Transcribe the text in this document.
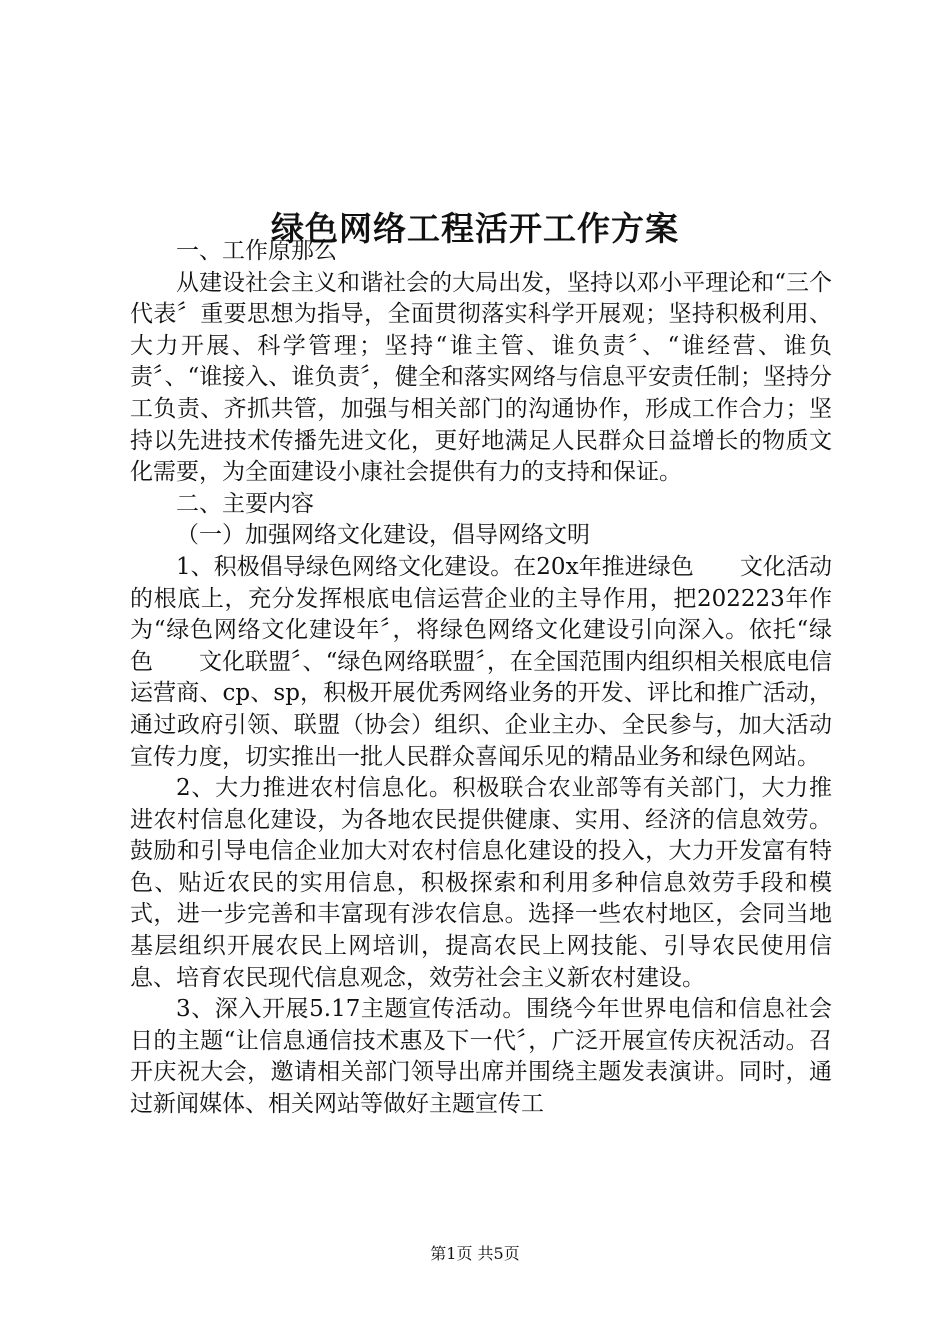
绿色网络工程活开工作方案

一、工作原那么

从建设社会主义和谐社会的大局出发，坚持以邓小平理论和“三个代表〞重要思想为指导，全面贯彻落实科学开展观；坚持积极利用、大力开展、科学管理；坚持“谁主管、谁负责〞、“谁经营、谁负责〞、“谁接入、谁负责〞，健全和落实网络与信息平安责任制；坚持分工负责、齐抓共管，加强与相关部门的沟通协作，形成工作合力；坚持以先进技术传播先进文化，更好地满足人民群众日益增长的物质文化需要，为全面建设小康社会提供有力的支持和保证。

二、主要内容

（一）加强网络文化建设，倡导网络文明

1、积极倡导绿色网络文化建设。在20x年推进绿色　　文化活动的根底上，充分发挥根底电信运营企业的主导作用，把202223年作为“绿色网络文化建设年〞，将绿色网络文化建设引向深入。依托“绿色　　文化联盟〞、“绿色网络联盟〞，在全国范围内组织相关根底电信运营商、cp、sp，积极开展优秀网络业务的开发、评比和推广活动，通过政府引领、联盟（协会）组织、企业主办、全民参与，加大活动宣传力度，切实推出一批人民群众喜闻乐见的精品业务和绿色网站。

2、大力推进农村信息化。积极联合农业部等有关部门，大力推进农村信息化建设，为各地农民提供健康、实用、经济的信息效劳。鼓励和引导电信企业加大对农村信息化建设的投入，大力开发富有特色、贴近农民的实用信息，积极探索和利用多种信息效劳手段和模式，进一步完善和丰富现有涉农信息。选择一些农村地区，会同当地基层组织开展农民上网培训，提高农民上网技能、引导农民使用信息、培育农民现代信息观念，效劳社会主义新农村建设。

3、深入开展5.17主题宣传活动。围绕今年世界电信和信息社会日的主题“让信息通信技术惠及下一代〞，广泛开展宣传庆祝活动。召开庆祝大会，邀请相关部门领导出席并围绕主题发表演讲。同时，通过新闻媒体、相关网站等做好主题宣传工

第1页 共5页
